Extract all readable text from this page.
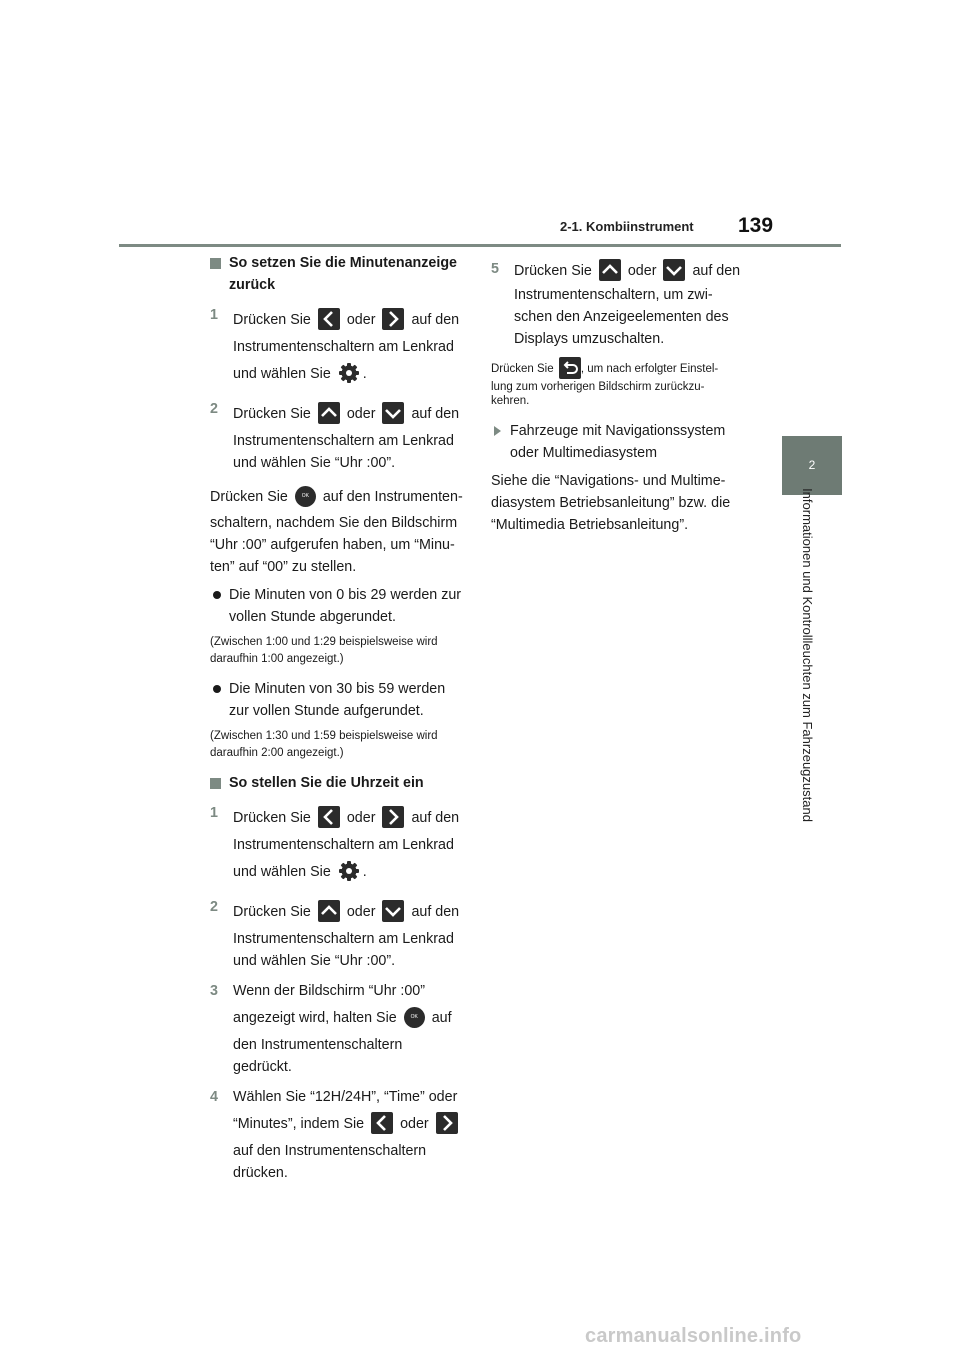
2-1. Kombiinstrument 139
2
Informationen und Kontrollleuchten zum Fahrzeugzustand
So setzen Sie die Minutenanzeige
zurück
1 Drücken Sie	oder	auf den
Instrumentenschaltern am Lenkrad
und wählen Sie .
2 Drücken Sie	oder	auf den
Instrumentenschaltern am Lenkrad
und wählen Sie “Uhr :00”.
Drücken Sie	OK auf den Instrumenten-
schaltern, nachdem Sie den Bildschirm
“Uhr :00” aufgerufen haben, um “Minu-
ten” auf “00” zu stellen.
Die Minuten von 0 bis 29 werden zur
vollen Stunde abgerundet.
(Zwischen 1:00 und 1:29 beispielsweise wird
daraufhin 1:00 angezeigt.)
Die Minuten von 30 bis 59 werden
zur vollen Stunde aufgerundet.
(Zwischen 1:30 und 1:59 beispielsweise wird
daraufhin 2:00 angezeigt.)
So stellen Sie die Uhrzeit ein
1 Drücken Sie	oder	auf den
Instrumentenschaltern am Lenkrad
und wählen Sie .
2 Drücken Sie	oder	auf den
Instrumentenschaltern am Lenkrad
und wählen Sie “Uhr :00”.
3 Wenn der Bildschirm “Uhr :00”
angezeigt wird, halten Sie	OK auf
den Instrumentenschaltern
gedrückt.
4 Wählen Sie “12H/24H”, “Time” oder
“Minutes”, indem Sie	oder
auf den Instrumentenschaltern
drücken.
5 Drücken Sie	oder	auf den
Instrumentenschaltern, um zwi-
schen den Anzeigeelementen des
Displays umzuschalten.
Drücken Sie , um nach erfolgter Einstel-
lung zum vorherigen Bildschirm zurückzu-
kehren.
Fahrzeuge mit Navigationssystem
oder Multimediasystem
Siehe die “Navigations- und Multime-
diasystem Betriebsanleitung” bzw. die
“Multimedia Betriebsanleitung”.
carmanualsonline.info
